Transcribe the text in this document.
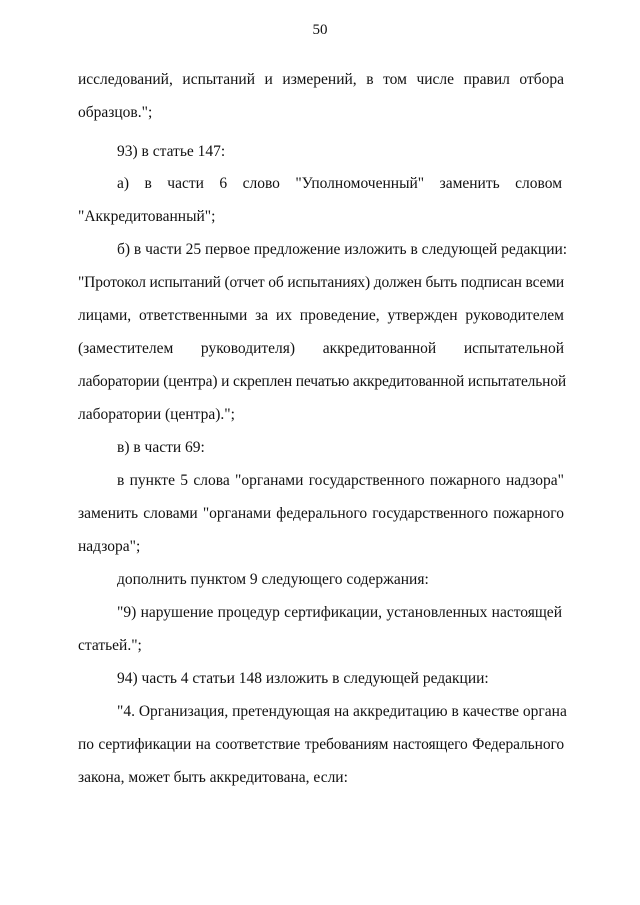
50
исследований, испытаний и измерений, в том числе правил отбора
образцов.";
93) в статье 147:
а) в части 6 слово "Уполномоченный" заменить словом
"Аккредитованный";
б) в части 25 первое предложение изложить в следующей редакции:
"Протокол испытаний (отчет об испытаниях) должен быть подписан всеми
лицами, ответственными за их проведение, утвержден руководителем
(заместителем руководителя) аккредитованной испытательной
лаборатории (центра) и скреплен печатью аккредитованной испытательной
лаборатории (центра).";
в) в части 69:
в пункте 5 слова "органами государственного пожарного надзора"
заменить словами "органами федерального государственного пожарного
надзора";
дополнить пунктом 9 следующего содержания:
"9) нарушение процедур сертификации, установленных настоящей
статьей.";
94) часть 4 статьи 148 изложить в следующей редакции:
"4. Организация, претендующая на аккредитацию в качестве органа
по сертификации на соответствие требованиям настоящего Федерального
закона, может быть аккредитована, если:
